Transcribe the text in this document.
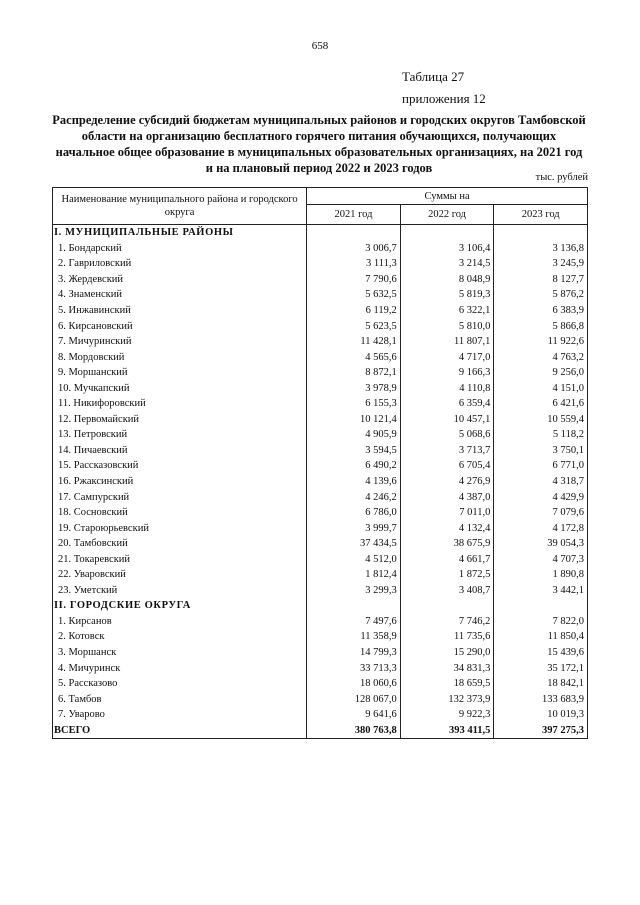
658
Таблица 27
приложения 12
Распределение субсидий бюджетам муниципальных районов и городских округов Тамбовской области на организацию бесплатного горячего питания обучающихся, получающих начальное общее образование в муниципальных образовательных организациях, на 2021 год и на плановый период 2022 и 2023 годов
тыс. рублей
Наименование муниципального района и городского округа	Суммы на		
	2021 год	2022 год	2023 год
I. МУНИЦИПАЛЬНЫЕ РАЙОНЫ			
1. Бондарский	3 006,7	3 106,4	3 136,8
2. Гавриловский	3 111,3	3 214,5	3 245,9
3. Жердевский	7 790,6	8 048,9	8 127,7
4. Знаменский	5 632,5	5 819,3	5 876,2
5. Инжавинский	6 119,2	6 322,1	6 383,9
6. Кирсановский	5 623,5	5 810,0	5 866,8
7. Мичуринский	11 428,1	11 807,1	11 922,6
8. Мордовский	4 565,6	4 717,0	4 763,2
9. Моршанский	8 872,1	9 166,3	9 256,0
10. Мучкапский	3 978,9	4 110,8	4 151,0
11. Никифоровский	6 155,3	6 359,4	6 421,6
12. Первомайский	10 121,4	10 457,1	10 559,4
13. Петровский	4 905,9	5 068,6	5 118,2
14. Пичаевский	3 594,5	3 713,7	3 750,1
15. Рассказовский	6 490,2	6 705,4	6 771,0
16. Ржаксинский	4 139,6	4 276,9	4 318,7
17. Сампурский	4 246,2	4 387,0	4 429,9
18. Сосновский	6 786,0	7 011,0	7 079,6
19. Староюрьевский	3 999,7	4 132,4	4 172,8
20. Тамбовский	37 434,5	38 675,9	39 054,3
21. Токаревский	4 512,0	4 661,7	4 707,3
22. Уваровский	1 812,4	1 872,5	1 890,8
23. Уметский	3 299,3	3 408,7	3 442,1
II. ГОРОДСКИЕ ОКРУГА			
1. Кирсанов	7 497,6	7 746,2	7 822,0
2. Котовск	11 358,9	11 735,6	11 850,4
3. Моршанск	14 799,3	15 290,0	15 439,6
4. Мичуринск	33 713,3	34 831,3	35 172,1
5. Рассказово	18 060,6	18 659,5	18 842,1
6. Тамбов	128 067,0	132 373,9	133 683,9
7. Уварово	9 641,6	9 922,3	10 019,3
ВСЕГО	380 763,8	393 411,5	397 275,3
